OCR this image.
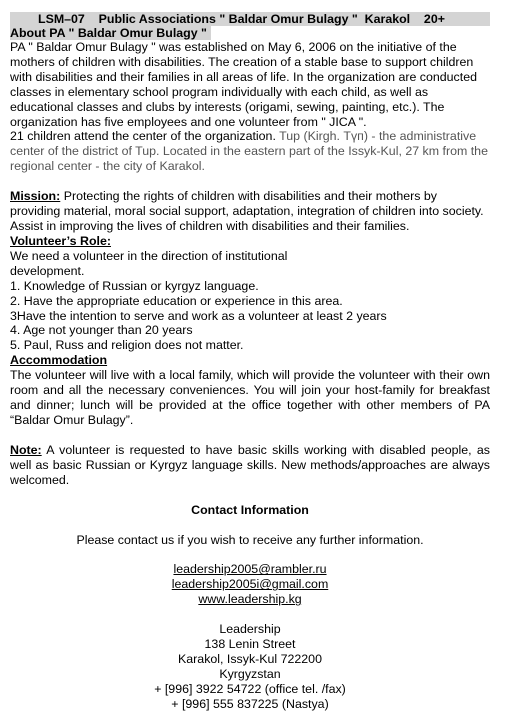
LSM–07 Public Associations " Baldar Omur Bulagy " Karakol 20+
About PA " Baldar Omur Bulagy "

PA " Baldar Omur Bulagy " was established on May 6, 2006 on the initiative of the mothers of children with disabilities. The creation of a stable base to support children with disabilities and their families in all areas of life. In the organization are conducted classes in elementary school program individually with each child, as well as educational classes and clubs by interests (origami, sewing, painting, etc.). The organization has five employees and one volunteer from " JICA ".
21 children attend the center of the organization. Tup (Kirgh. Түп) - the administrative center of the district of Tup. Located in the eastern part of the Issyk-Kul, 27 km from the regional center - the city of Karakol.

Mission: Protecting the rights of children with disabilities and their mothers by providing material, moral social support, adaptation, integration of children into society. Assist in improving the lives of children with disabilities and their families.

Volunteer’s Role:

We need a volunteer in the direction of institutional

development.

1. Knowledge of Russian or kyrgyz language.

2. Have the appropriate education or experience in this area.

3Have the intention to serve and work as a volunteer at least 2 years

4. Age not younger than 20 years

5. Paul, Russ and religion does not matter.

Accommodation

The volunteer will live with a local family, which will provide the volunteer with their own room and all the necessary conveniences. You will join your host-family for breakfast and dinner; lunch will be provided at the office together with other members of PA “Baldar Omur Bulagy”.

Note: A volunteer is requested to have basic skills working with disabled people, as well as basic Russian or Kyrgyz language skills. New methods/approaches are always welcomed.

Contact Information

Please contact us if you wish to receive any further information.

leadership2005@rambler.ru
leadership2005i@gmail.com
www.leadership.kg
Leadership
138 Lenin Street
Karakol, Issyk-Kul 722200
Kyrgyzstan
+ [996] 3922 54722 (office tel. /fax)
+ [996] 555 837225 (Nastya)
